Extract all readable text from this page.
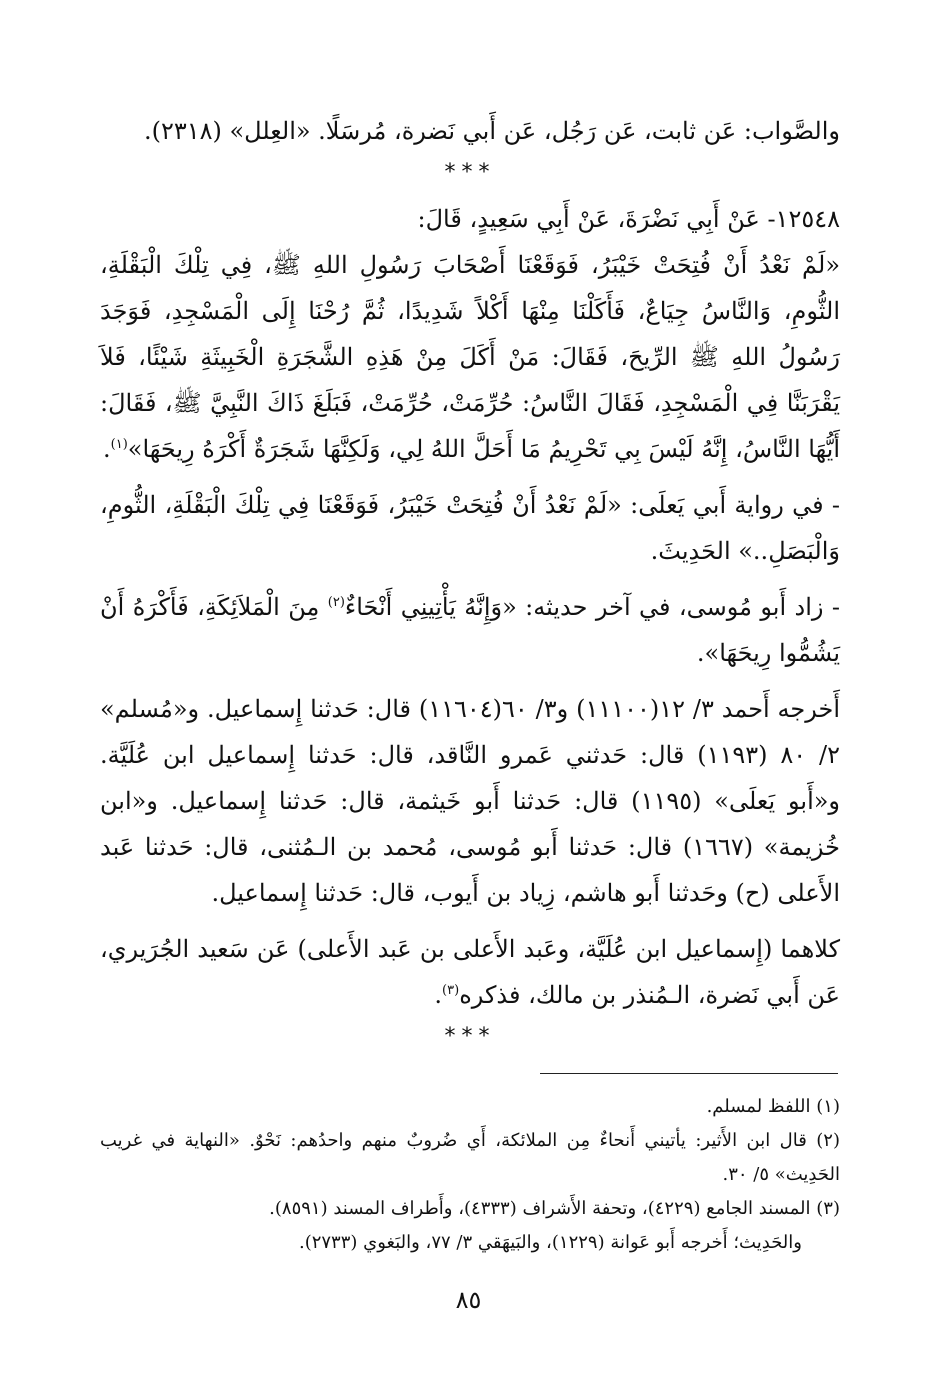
والصَّواب: عَن ثابت، عَن رَجُل، عَن أَبي نَضرة، مُرسَلًا. «العِلل» (٢٣١٨).

***

١٢٥٤٨- عَنْ أَبِي نَضْرَةَ، عَنْ أَبِي سَعِيدٍ، قَالَ:

«لَمْ نَعْدُ أَنْ فُتِحَتْ خَيْبَرُ، فَوَقَعْنَا أَصْحَابَ رَسُولِ اللهِ ﷺ، فِي تِلْكَ الْبَقْلَةِ، الثُّومِ، وَالنَّاسُ جِيَاعٌ، فَأَكَلْنَا مِنْهَا أَكْلاً شَدِيدًا، ثُمَّ رُحْنَا إِلَى الْمَسْجِدِ، فَوَجَدَ رَسُولُ اللهِ ﷺ الرِّيحَ، فَقَالَ: مَنْ أَكَلَ مِنْ هَذِهِ الشَّجَرَةِ الْخَبِيثَةِ شَيْئًا، فَلاَ يَقْرَبَنَّا فِي الْمَسْجِدِ، فَقَالَ النَّاسُ: حُرِّمَتْ، حُرِّمَتْ، فَبَلَغَ ذَاكَ النَّبِيَّ ﷺ، فَقَالَ: أَيُّهَا النَّاسُ، إِنَّهُ لَيْسَ بِي تَحْرِيمُ مَا أَحَلَّ اللهُ لِي، وَلَكِنَّهَا شَجَرَةٌ أَكْرَهُ رِيحَهَا»$^{(١)}$.

- في رواية أَبي يَعلَى: «لَمْ نَعْدُ أَنْ فُتِحَتْ خَيْبَرُ، فَوَقَعْنَا فِي تِلْكَ الْبَقْلَةِ، الثُّومِ، وَالْبَصَلِ..» الحَدِيثَ.

- زاد أَبو مُوسى، في آخر حديثه: «وَإِنَّهُ يَأْتِينِي أَنْحَاءٌ$^{(٢)}$ مِنَ الْمَلاَئِكَةِ، فَأَكْرَهُ أَنْ يَشُمُّوا رِيحَهَا».

أَخرجه أَحمد ٣/ ١٢(١١١٠٠) و٣/ ٦٠(١١٦٠٤) قال: حَدثنا إِسماعيل. و«مُسلم» ٢/ ٨٠ (١١٩٣) قال: حَدثني عَمرو النَّاقد، قال: حَدثنا إِسماعيل ابن عُلَيَّة. و«أَبو يَعلَى» (١١٩٥) قال: حَدثنا أَبو خَيثمة، قال: حَدثنا إِسماعيل. و«ابن خُزيمة» (١٦٦٧) قال: حَدثنا أَبو مُوسى، مُحمد بن الـمُثنى، قال: حَدثنا عَبد الأَعلى (ح) وحَدثنا أَبو هاشم، زِياد بن أَيوب، قال: حَدثنا إِسماعيل.

كلاهما (إِسماعيل ابن عُلَيَّة، وعَبد الأَعلى بن عَبد الأَعلى) عَن سَعيد الجُرَيري، عَن أَبي نَضرة، الـمُنذر بن مالك، فذكره$^{(٣)}$.

***

(١) اللفظ لمسلم.

(٢) قال ابن الأَثير: يأتيني أَنحاءٌ مِن الملائكة، أَي ضُروبٌ منهم واحدُهم: نَحْوٌ. «النهاية في غريب الحَدِيث» ٥/ ٣٠.

(٣) المسند الجامع (٤٢٢٩)، وتحفة الأَشراف (٤٣٣٣)، وأَطراف المسند (٨٥٩١).

والحَدِيث؛ أَخرجه أَبو عَوانة (١٢٢٩)، والبَيهَقي ٣/ ٧٧، والبَغوي (٢٧٣٣).

٨٥
